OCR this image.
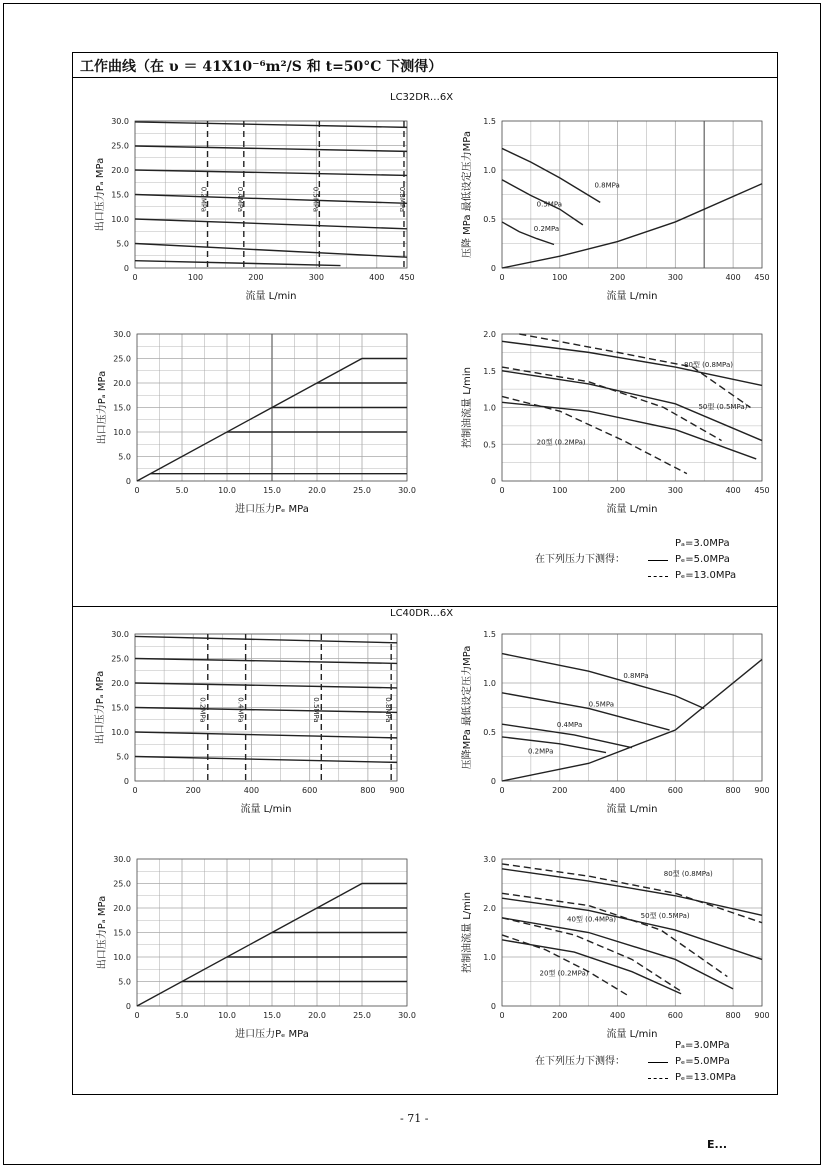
工作曲线（在 υ ＝ 41X10⁻⁶m²/S 和 t=50°C 下测得）
LC32DR…6X
LC40DR…6X
0	100	200	300	400 450
0
5.0
10.0
15.0
20.0
25.0
30.0
0.2MPa	0.4MPa	0.5MPa	0.8MPa
流量 L/min
出口压力Pₐ MPa
0	100	200	300	400 450
0
0.5
1.0
1.5
0.8MPa
0.5MPa
0.2MPa
流量 L/min
压降 MPa 最低设定压力MPa
0	5.0	10.0	15.0	20.0	25.0	30.0
0
5.0
10.0
15.0
20.0
25.0
30.0
进口压力Pₑ MPa
出口压力Pₐ MPa
0	100	200	300	400 450
0
0.5
1.0
1.5
2.0
80型 (0.8MPa)
50型 (0.5MPa)
20型 (0.2MPa)
流量 L/min
控制油流量 L/min
Pₐ=3.0MPa
在下列压力下测得：	Pₑ=5.0MPa
Pₑ=13.0MPa
0	200	400	600	800 900
0
5.0
10.0
15.0
20.0
25.0
30.0
0.2MPa	0.4MPa	0.5MPa	0.8MPa
流量 L/min
出口压力Pₐ MPa
0	200	400	600	800 900
0
0.5
1.0
1.5
0.8MPa
0.5MPa
0.4MPa
0.2MPa
流量 L/min
压降MPa 最低设定压力MPa
0	5.0	10.0	15.0	20.0	25.0	30.0
0
5.0
10.0
15.0
20.0
25.0
30.0
进口压力Pₑ MPa
出口压力Pₐ MPa
0	200	400	600	800 900
0
1.0
2.0
3.0
80型 (0.8MPa)
50型 (0.5MPa)
40型 (0.4MPa)
20型 (0.2MPa)
流量 L/min
控制油流量 L/min
Pₐ=3.0MPa
在下列压力下测得：	Pₑ=5.0MPa
Pₑ=13.0MPa
- 71 -
E...
